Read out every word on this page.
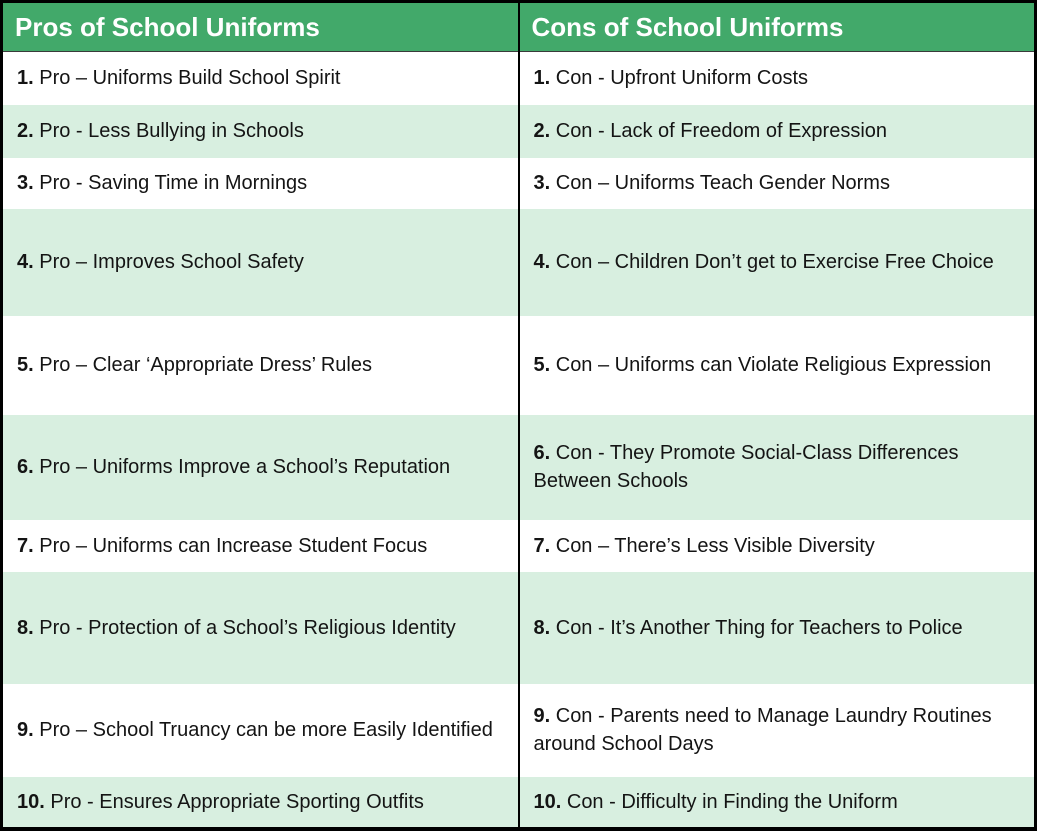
Pros of School Uniforms	Cons of School Uniforms
1. Pro – Uniforms Build School Spirit	1. Con - Upfront Uniform Costs
2. Pro - Less Bullying in Schools	2. Con - Lack of Freedom of Expression
3. Pro - Saving Time in Mornings	3. Con – Uniforms Teach Gender Norms
4. Pro – Improves School Safety	4. Con – Children Don’t get to Exercise Free Choice
5. Pro – Clear ‘Appropriate Dress’ Rules	5. Con – Uniforms can Violate Religious Expression
6. Pro – Uniforms Improve a School’s Reputation	6. Con - They Promote Social-Class Differences Between Schools
7. Pro – Uniforms can Increase Student Focus	7. Con – There’s Less Visible Diversity
8. Pro - Protection of a School’s Religious Identity	8. Con - It’s Another Thing for Teachers to Police
9. Pro – School Truancy can be more Easily Identified	9. Con - Parents need to Manage Laundry Routines around School Days
10. Pro - Ensures Appropriate Sporting Outfits	10. Con - Difficulty in Finding the Uniform
